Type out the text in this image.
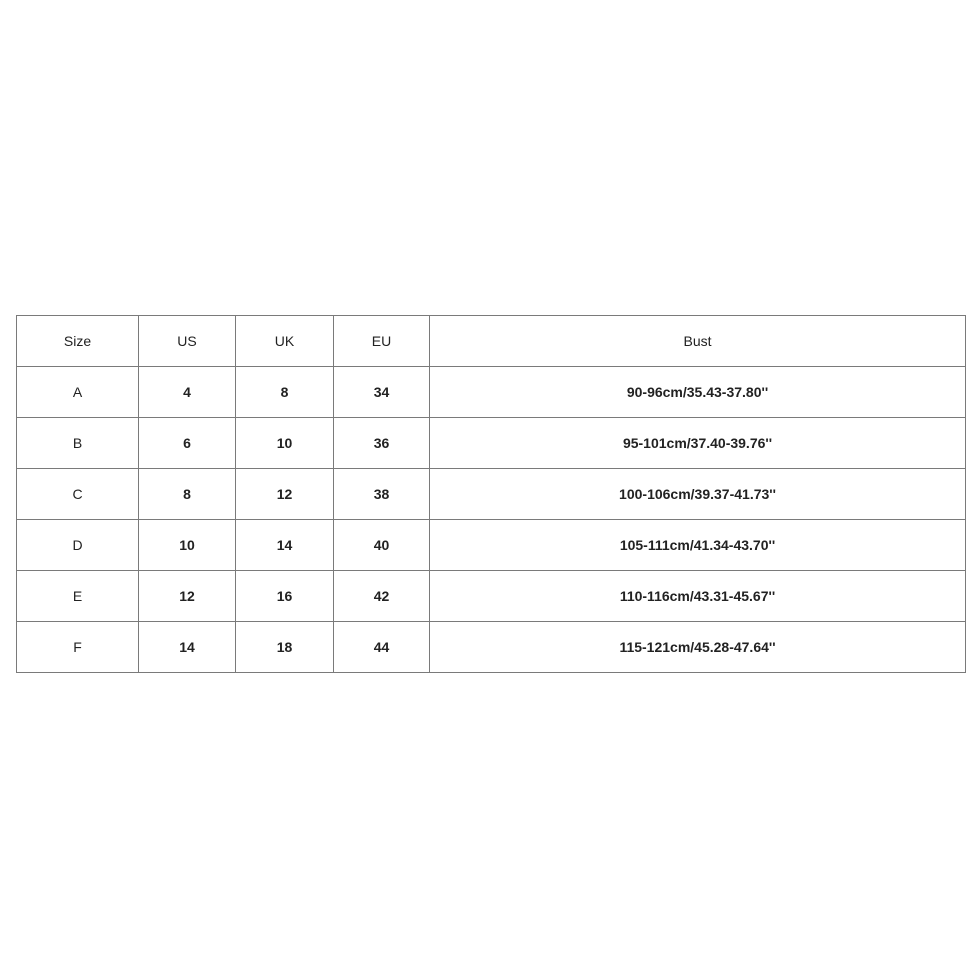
Size	US	UK	EU	Bust
A	4	8	34	90-96cm/35.43-37.80''
B	6	10	36	95-101cm/37.40-39.76''
C	8	12	38	100-106cm/39.37-41.73''
D	10	14	40	105-111cm/41.34-43.70''
E	12	16	42	110-116cm/43.31-45.67''
F	14	18	44	115-121cm/45.28-47.64''
